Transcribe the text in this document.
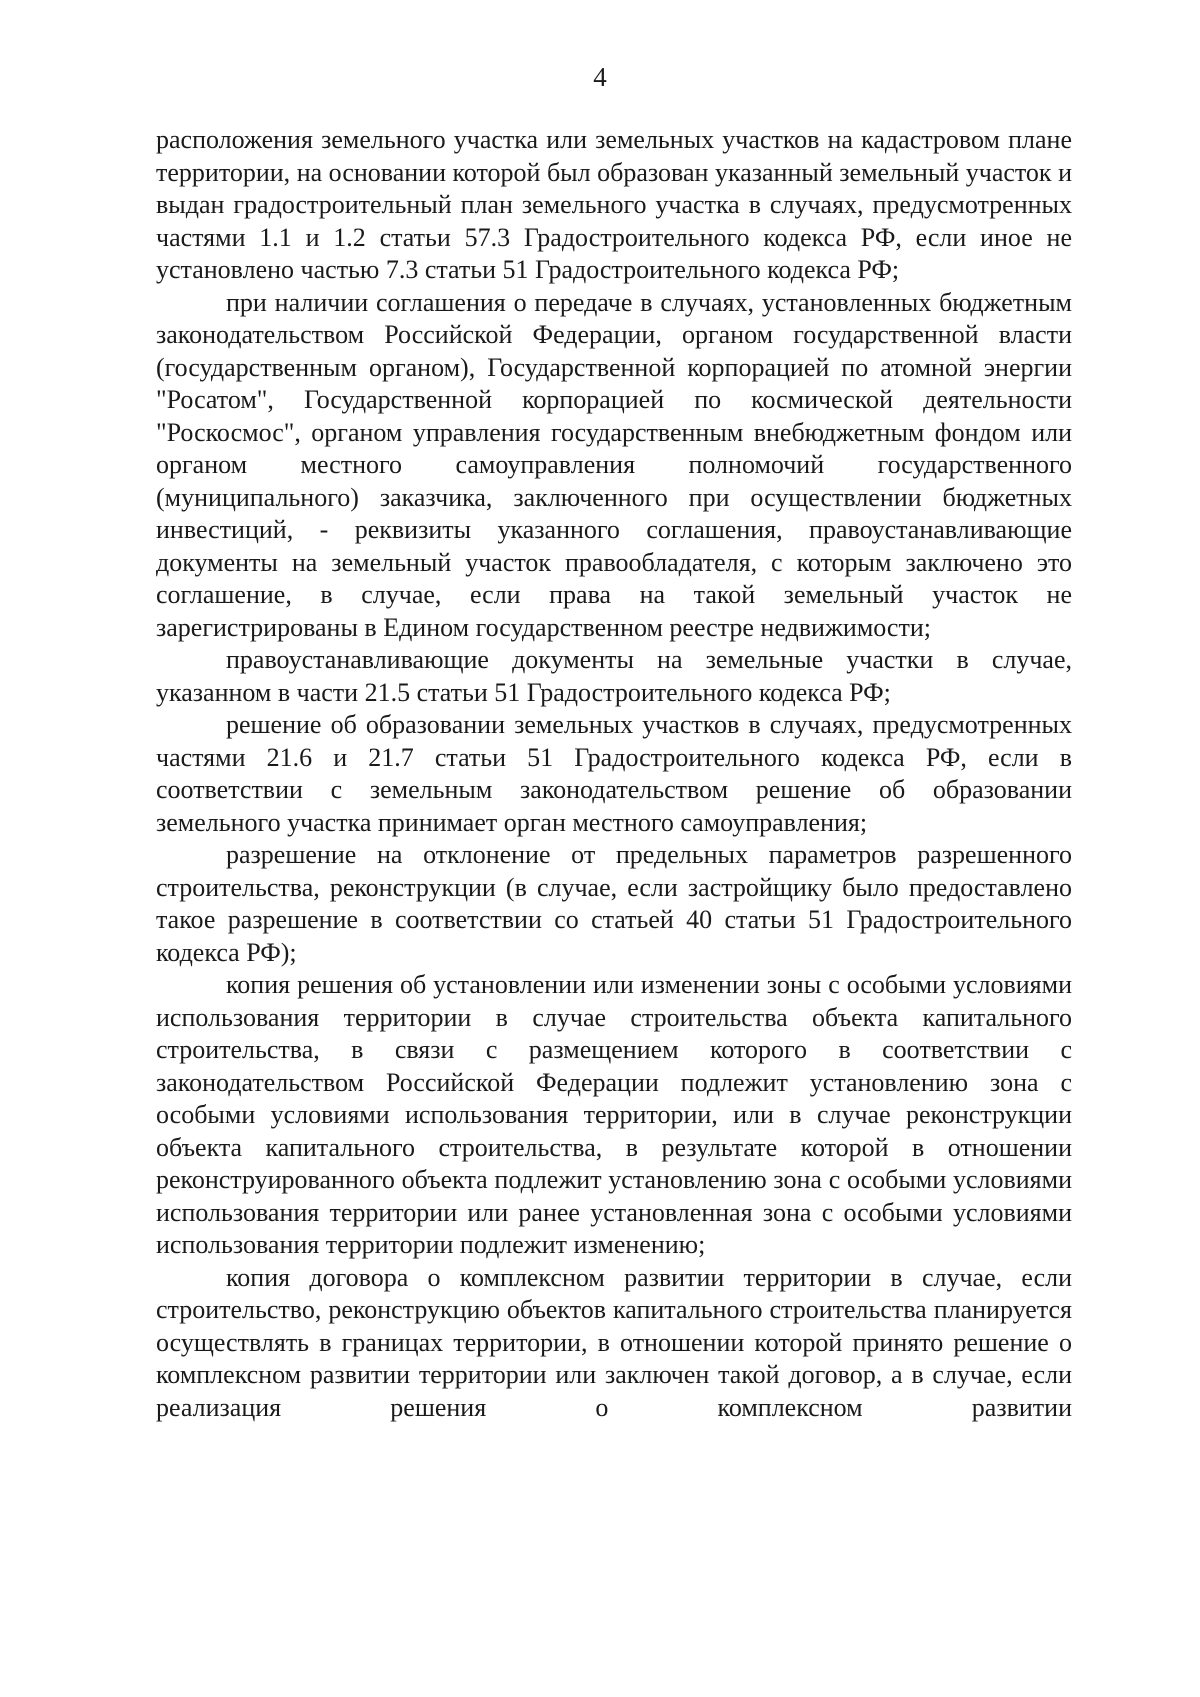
4

расположения земельного участка или земельных участков на кадастровом плане территории, на основании которой был образован указанный земельный участок и выдан градостроительный план земельного участка в случаях, предусмотренных частями 1.1 и 1.2 статьи 57.3 Градостроительного кодекса РФ, если иное не установлено частью 7.3 статьи 51 Градостроительного кодекса РФ;

при наличии соглашения о передаче в случаях, установленных бюджетным законодательством Российской Федерации, органом государственной власти (государственным органом), Государственной корпорацией по атомной энергии "Росатом", Государственной корпорацией по космической деятельности "Роскосмос", органом управления государственным внебюджетным фондом или органом местного самоуправления полномочий государственного (муниципального) заказчика, заключенного при осуществлении бюджетных инвестиций, - реквизиты указанного соглашения, правоустанавливающие документы на земельный участок правообладателя, с которым заключено это соглашение, в случае, если права на такой земельный участок не зарегистрированы в Едином государственном реестре недвижимости;

правоустанавливающие документы на земельные участки в случае, указанном в части 21.5 статьи 51 Градостроительного кодекса РФ;

решение об образовании земельных участков в случаях, предусмотренных частями 21.6 и 21.7 статьи 51 Градостроительного кодекса РФ, если в соответствии с земельным законодательством решение об образовании земельного участка принимает орган местного самоуправления;

разрешение на отклонение от предельных параметров разрешенного строительства, реконструкции (в случае, если застройщику было предоставлено такое разрешение в соответствии со статьей 40 статьи 51 Градостроительного кодекса РФ);

копия решения об установлении или изменении зоны с особыми условиями использования территории в случае строительства объекта капитального строительства, в связи с размещением которого в соответствии с законодательством Российской Федерации подлежит установлению зона с особыми условиями использования территории, или в случае реконструкции объекта капитального строительства, в результате которой в отношении реконструированного объекта подлежит установлению зона с особыми условиями использования территории или ранее установленная зона с особыми условиями использования территории подлежит изменению;

копия договора о комплексном развитии территории в случае, если строительство, реконструкцию объектов капитального строительства планируется осуществлять в границах территории, в отношении которой принято решение о комплексном развитии территории или заключен такой договор, а в случае, если реализация решения о комплексном развитии
